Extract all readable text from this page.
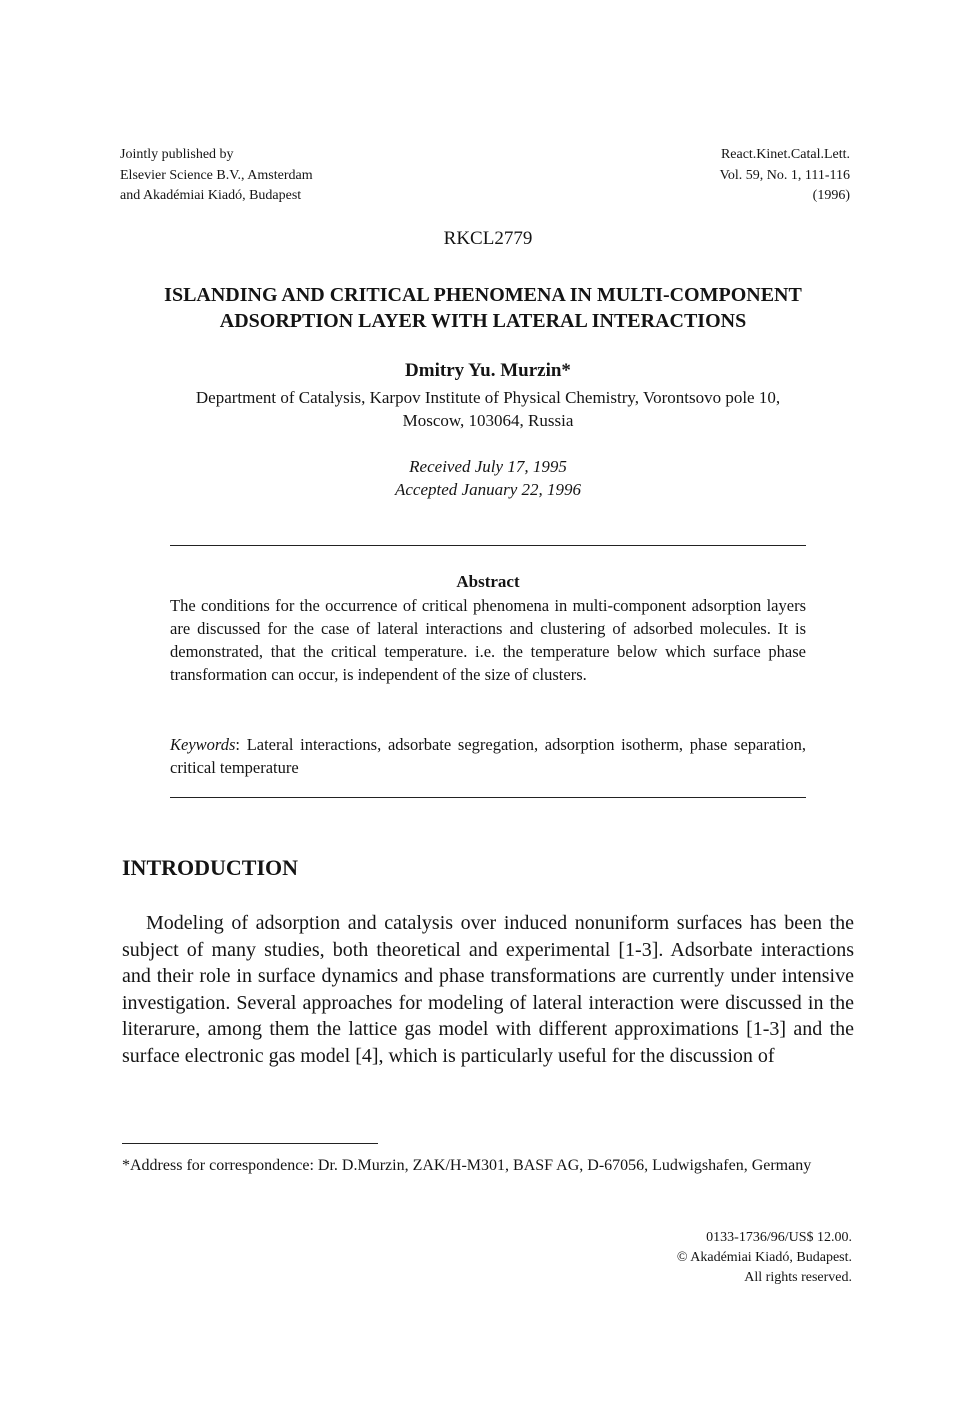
Jointly published by
Elsevier Science B.V., Amsterdam
and Akadémiai Kiadó, Budapest
React.Kinet.Catal.Lett.
Vol. 59, No. 1, 111-116
(1996)
RKCL2779
ISLANDING AND CRITICAL PHENOMENA IN MULTI-COMPONENT
ADSORPTION LAYER WITH LATERAL INTERACTIONS
Dmitry Yu. Murzin*
Department of Catalysis, Karpov Institute of Physical Chemistry, Vorontsovo pole 10,
Moscow, 103064, Russia
Received July 17, 1995
Accepted January 22, 1996
Abstract
The conditions for the occurrence of critical phenomena in multi-component adsorption layers are discussed for the case of lateral interactions and clustering of adsorbed molecules. It is demonstrated, that the critical temperature. i.e. the temperature below which surface phase transformation can occur, is independent of the size of clusters.
Keywords: Lateral interactions, adsorbate segregation, adsorption isotherm, phase separation, critical temperature
INTRODUCTION
Modeling of adsorption and catalysis over induced nonuniform surfaces has been the subject of many studies, both theoretical and experimental [1-3]. Adsorbate interactions and their role in surface dynamics and phase transformations are currently under intensive investigation. Several approaches for modeling of lateral interaction were discussed in the literarure, among them the lattice gas model with different approximations [1-3] and the surface electronic gas model [4], which is particularly useful for the discussion of
*Address for correspondence: Dr. D.Murzin, ZAK/H-M301, BASF AG, D-67056, Ludwigshafen, Germany
0133-1736/96/US$ 12.00.
© Akadémiai Kiadó, Budapest.
All rights reserved.
